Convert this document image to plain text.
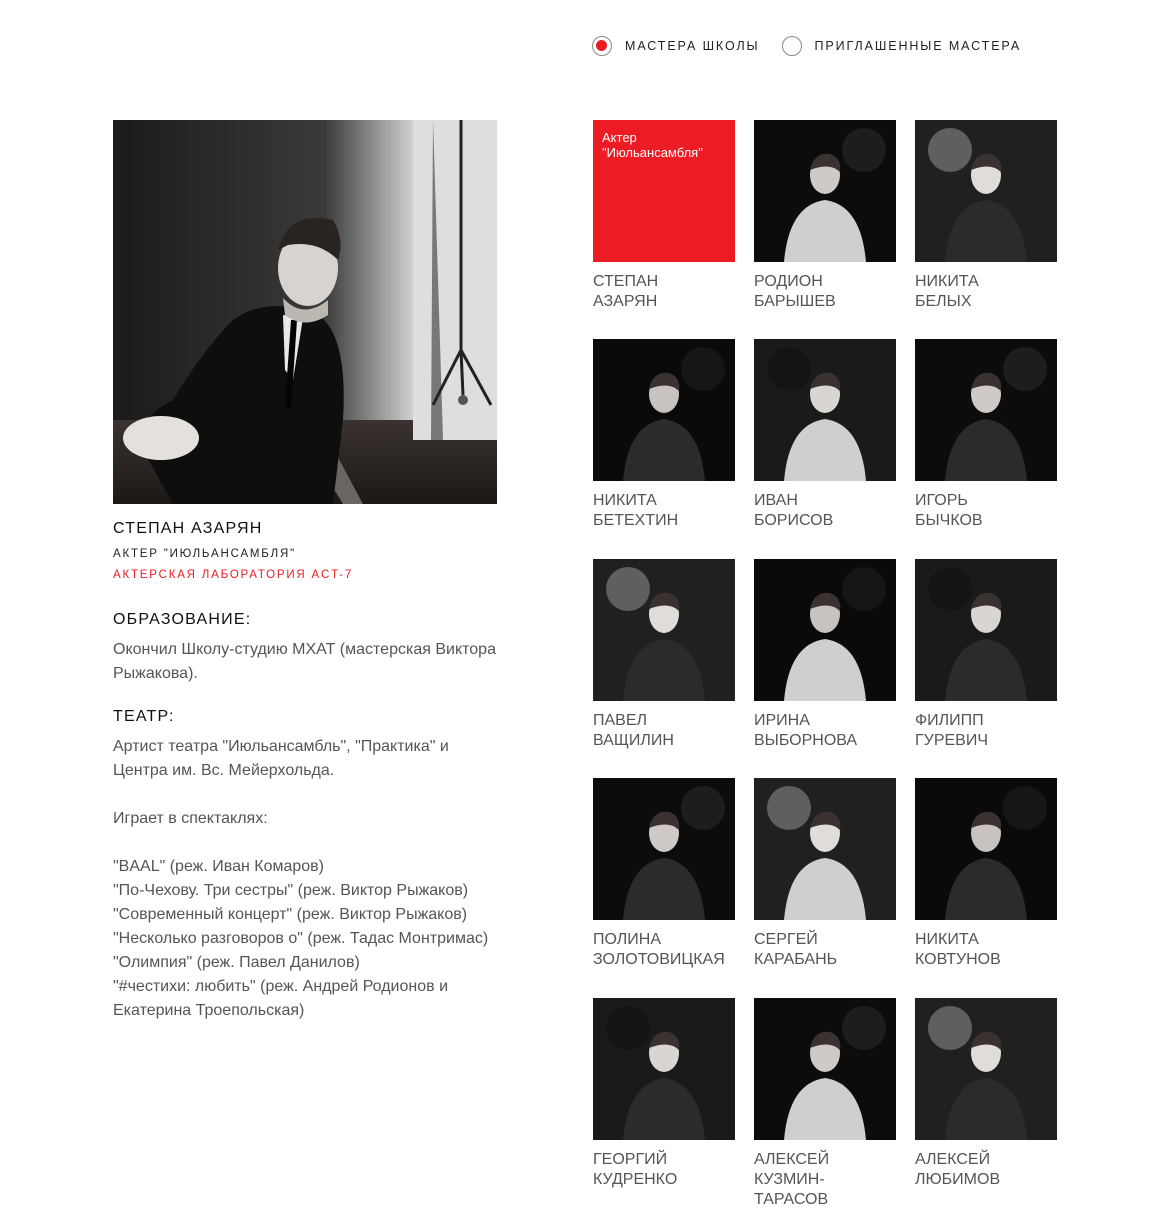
МАСТЕРА ШКОЛЫ	ПРИГЛАШЕННЫЕ МАСТЕРА
СТЕПАН АЗАРЯН
АКТЕР "ИЮЛЬАНСАМБЛЯ"
АКТЕРСКАЯ ЛАБОРАТОРИЯ ACT-7
ОБРАЗОВАНИЕ:
Окончил Школу-студию МХАТ (мастерская Виктора Рыжакова).
ТЕАТР:
Артист театра "Июльансамбль", "Практика" и Центра им. Вс. Мейерхольда.

Играет в спектаклях:

"BAAL" (реж. Иван Комаров)
"По-Чехову. Три сестры" (реж. Виктор Рыжаков)
"Современный концерт" (реж. Виктор Рыжаков)
"Несколько разговоров о" (реж. Тадас Монтримас)
"Олимпия" (реж. Павел Данилов)
"#честихи: любить" (реж. Андрей Родионов и Екатерина Троепольская)
Актер "Июльансамбля"
СТЕПАН
АЗАРЯН
РОДИОН
БАРЫШЕВ
НИКИТА
БЕЛЫХ
НИКИТА
БЕТЕХТИН
ИВАН
БОРИСОВ
ИГОРЬ
БЫЧКОВ
ПАВЕЛ
ВАЩИЛИН
ИРИНА
ВЫБОРНОВА
ФИЛИПП
ГУРЕВИЧ
ПОЛИНА
ЗОЛОТОВИЦКАЯ
СЕРГЕЙ
КАРАБАНЬ
НИКИТА
КОВТУНОВ
ГЕОРГИЙ
КУДРЕНКО
АЛЕКСЕЙ
КУЗМИН-
ТАРАСОВ
АЛЕКСЕЙ
ЛЮБИМОВ
